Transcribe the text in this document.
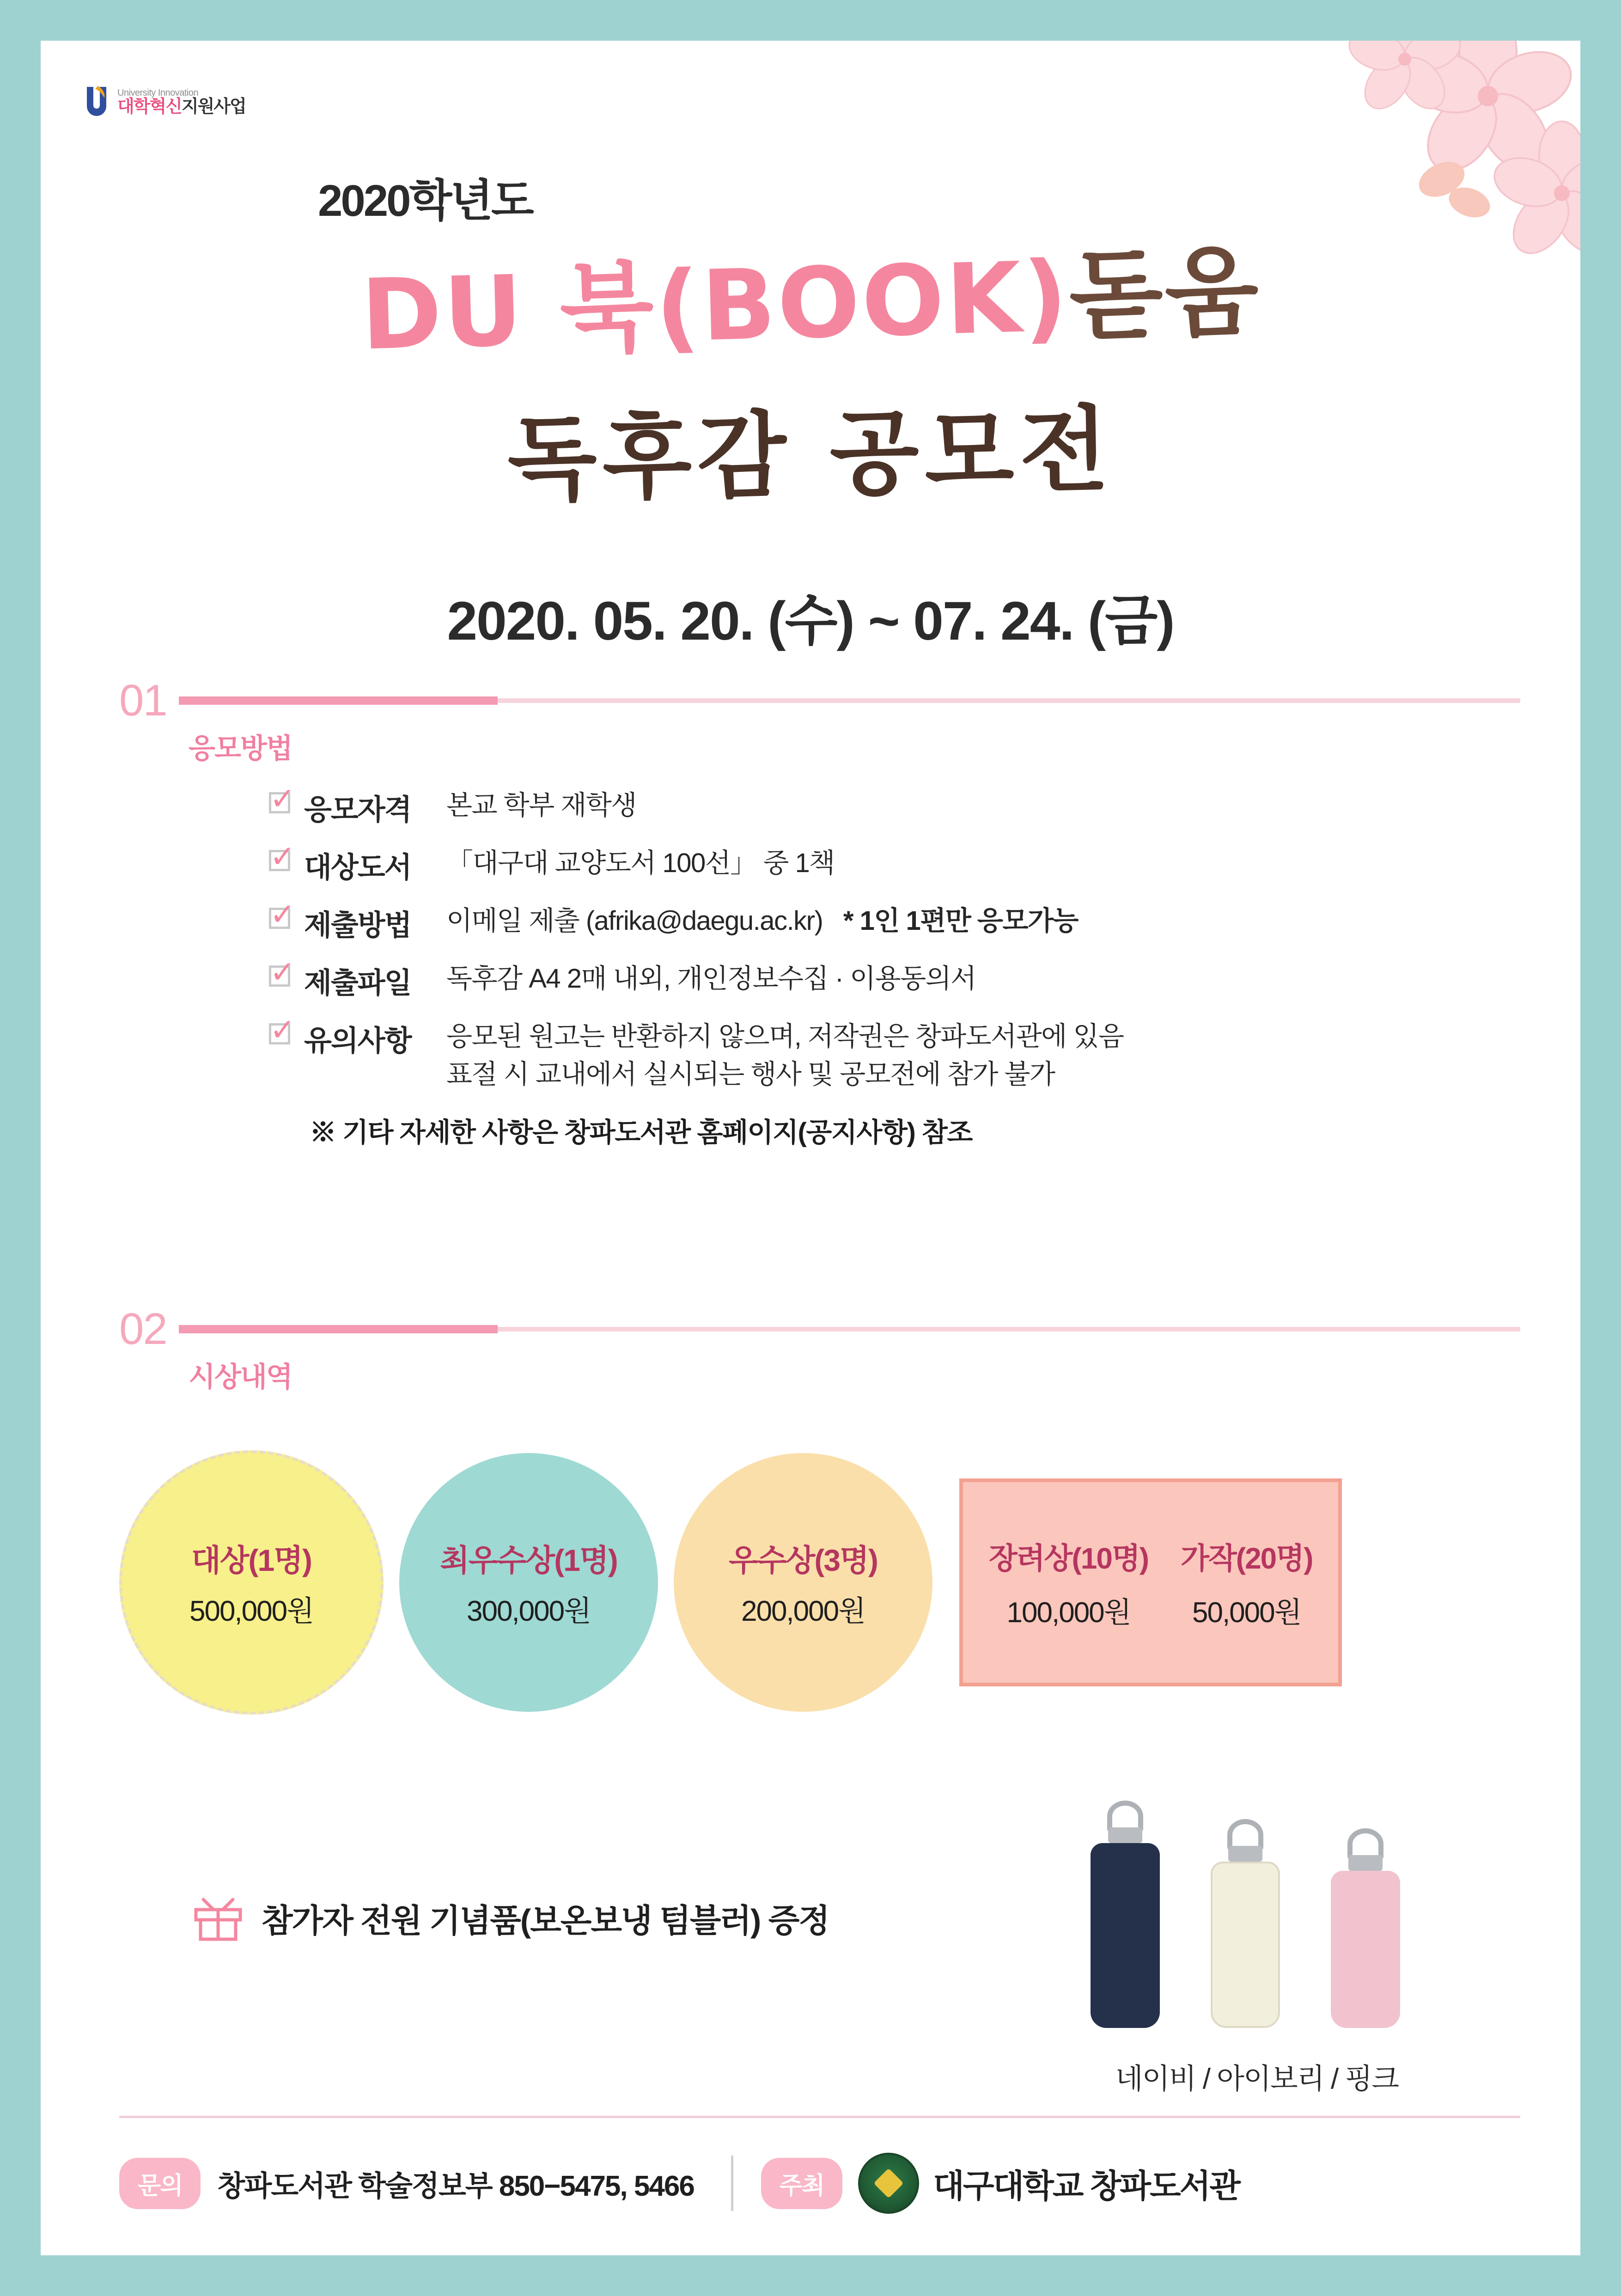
University Innovation
대학혁신지원사업
2020학년도
DU 북(BOOK)돋움
독후감 공모전
2020. 05. 20. (수) ~ 07. 24. (금)
01
응모방법
✓ 응모자격	본교 학부 재학생
✓ 대상도서	「대구대 교양도서 100선」 중 1책
✓ 제출방법	이메일 제출 (afrika@daegu.ac.kr) * 1인 1편만 응모가능
✓ 제출파일	독후감 A4 2매 내외, 개인정보수집 · 이용동의서
✓ 유의사항	응모된 원고는 반환하지 않으며, 저작권은 창파도서관에 있음
표절 시 교내에서 실시되는 행사 및 공모전에 참가 불가
※ 기타 자세한 사항은 창파도서관 홈페이지(공지사항) 참조
02
시상내역
대상(1명)
500,000원
최우수상(1명)
300,000원
우수상(3명)
200,000원
장려상(10명)
100,000원
가작(20명)
50,000원
참가자 전원 기념품(보온보냉 텀블러) 증정
네이비 / 아이보리 / 핑크
문의	창파도서관 학술정보부 850−5475, 5466	주최	대구대학교 창파도서관
